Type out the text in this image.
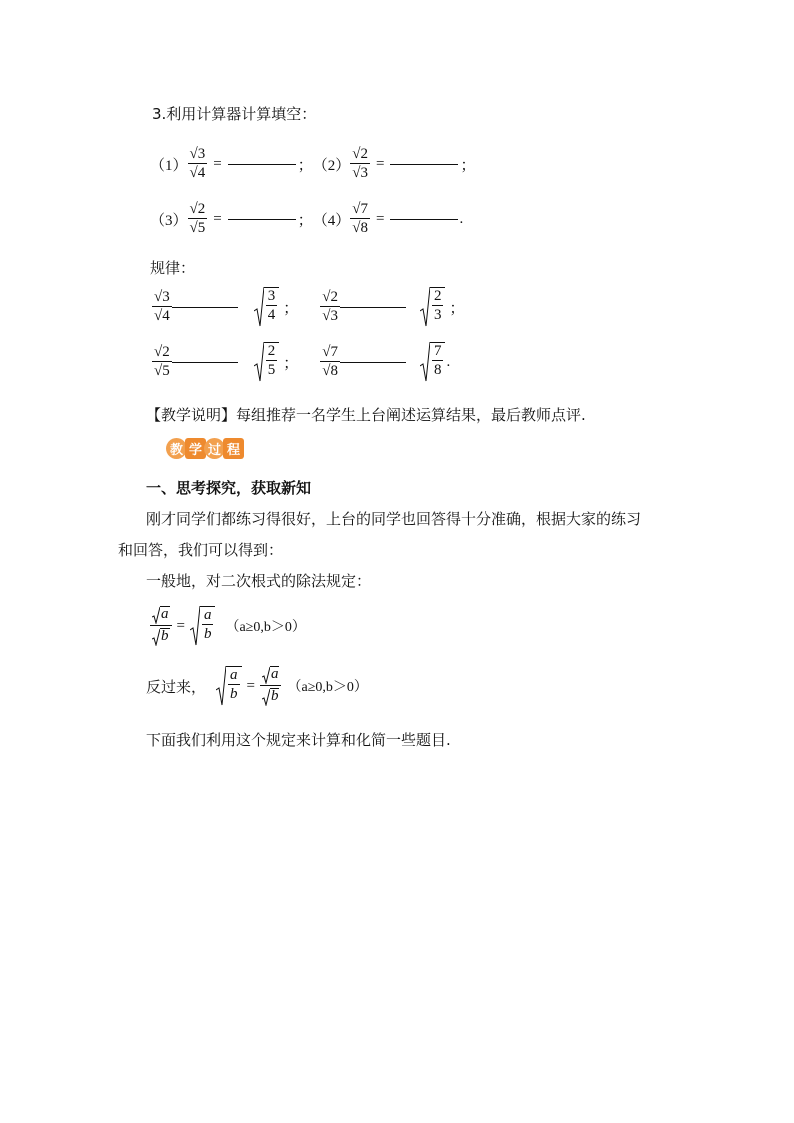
3.利用计算器计算填空：
$(1) \frac{√3}{√4}$ =	； $(2) \frac{√2}{√3}$ =	；
$(3) \frac{√2}{√5}$ =	； $(4) \frac{√7}{√8}$ =	.
规律：
$\frac{√3}{√4}$	$\frac{3}{4}$ ； $\frac{√2}{√3}$	$\frac{2}{3}$ ；
$\frac{√2}{√5}$	$\frac{2}{5}$ ； $\frac{√7}{√8}$	$\frac{7}{8}$ .
【教学说明】每组推荐一名学生上台阐述运算结果，最后教师点评.
教 学 过 程
一、思考探究，获取新知
刚才同学们都练习得很好，上台的同学也回答得十分准确，根据大家的练习
和回答，我们可以得到：
一般地，对二次根式的除法规定：
$\frac{a}{b} = \frac{a}{b} (a\ge 0,b>0)$
反过来， $\frac{a}{b} = \frac{a}{b} (a\ge 0,b>0)$
下面我们利用这个规定来计算和化简一些题目.
